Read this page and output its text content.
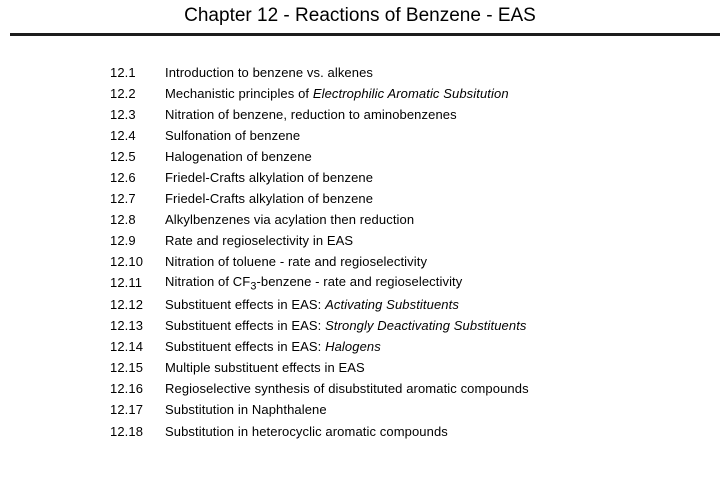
Chapter 12 - Reactions of Benzene - EAS
12.1	Introduction to benzene vs. alkenes
12.2	Mechanistic principles of Electrophilic Aromatic Subsitution
12.3	Nitration of benzene, reduction to aminobenzenes
12.4	Sulfonation of benzene
12.5	Halogenation of benzene
12.6	Friedel-Crafts alkylation of benzene
12.7	Friedel-Crafts alkylation of benzene
12.8	Alkylbenzenes via acylation then reduction
12.9	Rate and regioselectivity in EAS
12.10	Nitration of toluene - rate and regioselectivity
12.11	Nitration of $CF_3$-benzene - rate and regioselectivity
12.12	Substituent effects in EAS: Activating Substituents
12.13	Substituent effects in EAS: Strongly Deactivating Substituents
12.14	Substituent effects in EAS: Halogens
12.15	Multiple substituent effects in EAS
12.16	Regioselective synthesis of disubstituted aromatic compounds
12.17	Substitution in Naphthalene
12.18	Substitution in heterocyclic aromatic compounds
